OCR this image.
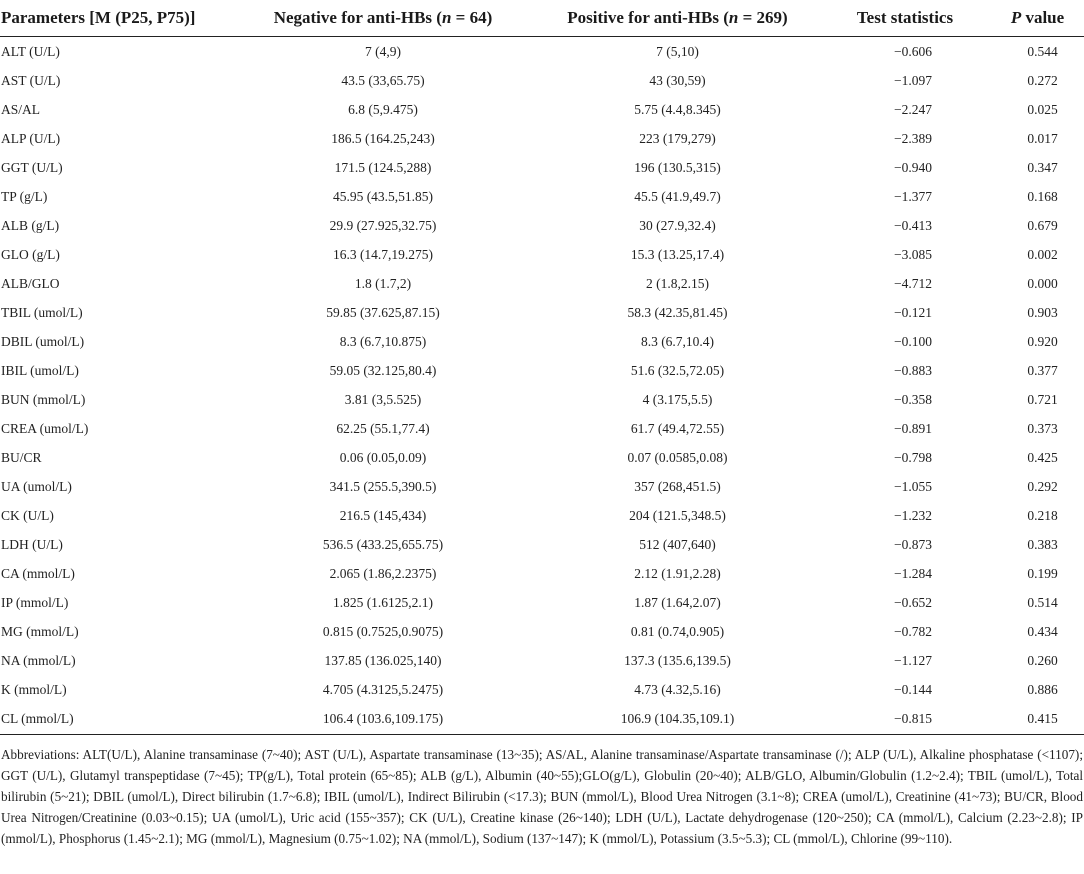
Parameters [M (P25, P75)]	Negative for anti-HBs (n = 64)	Positive for anti-HBs (n = 269)	Test statistics	P value
ALT (U/L)	7 (4,9)	7 (5,10)	−0.606	0.544
AST (U/L)	43.5 (33,65.75)	43 (30,59)	−1.097	0.272
AS/AL	6.8 (5,9.475)	5.75 (4.4,8.345)	−2.247	0.025
ALP (U/L)	186.5 (164.25,243)	223 (179,279)	−2.389	0.017
GGT (U/L)	171.5 (124.5,288)	196 (130.5,315)	−0.940	0.347
TP (g/L)	45.95 (43.5,51.85)	45.5 (41.9,49.7)	−1.377	0.168
ALB (g/L)	29.9 (27.925,32.75)	30 (27.9,32.4)	−0.413	0.679
GLO (g/L)	16.3 (14.7,19.275)	15.3 (13.25,17.4)	−3.085	0.002
ALB/GLO	1.8 (1.7,2)	2 (1.8,2.15)	−4.712	0.000
TBIL (umol/L)	59.85 (37.625,87.15)	58.3 (42.35,81.45)	−0.121	0.903
DBIL (umol/L)	8.3 (6.7,10.875)	8.3 (6.7,10.4)	−0.100	0.920
IBIL (umol/L)	59.05 (32.125,80.4)	51.6 (32.5,72.05)	−0.883	0.377
BUN (mmol/L)	3.81 (3,5.525)	4 (3.175,5.5)	−0.358	0.721
CREA (umol/L)	62.25 (55.1,77.4)	61.7 (49.4,72.55)	−0.891	0.373
BU/CR	0.06 (0.05,0.09)	0.07 (0.0585,0.08)	−0.798	0.425
UA (umol/L)	341.5 (255.5,390.5)	357 (268,451.5)	−1.055	0.292
CK (U/L)	216.5 (145,434)	204 (121.5,348.5)	−1.232	0.218
LDH (U/L)	536.5 (433.25,655.75)	512 (407,640)	−0.873	0.383
CA (mmol/L)	2.065 (1.86,2.2375)	2.12 (1.91,2.28)	−1.284	0.199
IP (mmol/L)	1.825 (1.6125,2.1)	1.87 (1.64,2.07)	−0.652	0.514
MG (mmol/L)	0.815 (0.7525,0.9075)	0.81 (0.74,0.905)	−0.782	0.434
NA (mmol/L)	137.85 (136.025,140)	137.3 (135.6,139.5)	−1.127	0.260
K (mmol/L)	4.705 (4.3125,5.2475)	4.73 (4.32,5.16)	−0.144	0.886
CL (mmol/L)	106.4 (103.6,109.175)	106.9 (104.35,109.1)	−0.815	0.415

Abbreviations: ALT(U/L), Alanine transaminase (7~40); AST (U/L), Aspartate transaminase (13~35); AS/AL, Alanine transaminase/Aspartate transaminase (/); ALP (U/L), Alkaline phosphatase (<1107); GGT (U/L), Glutamyl transpeptidase (7~45); TP(g/L), Total protein (65~85); ALB (g/L), Albumin (40~55);GLO(g/L), Globulin (20~40); ALB/GLO, Albumin/Globulin (1.2~2.4); TBIL (umol/L), Total bilirubin (5~21); DBIL (umol/L), Direct bilirubin (1.7~6.8); IBIL (umol/L), Indirect Bilirubin (<17.3); BUN (mmol/L), Blood Urea Nitrogen (3.1~8); CREA (umol/L), Creatinine (41~73); BU/CR, Blood Urea Nitrogen/Creatinine (0.03~0.15); UA (umol/L), Uric acid (155~357); CK (U/L), Creatine kinase (26~140); LDH (U/L), Lactate dehydrogenase (120~250); CA (mmol/L), Calcium (2.23~2.8); IP (mmol/L), Phosphorus (1.45~2.1); MG (mmol/L), Magnesium (0.75~1.02); NA (mmol/L), Sodium (137~147); K (mmol/L), Potassium (3.5~5.3); CL (mmol/L), Chlorine (99~110).
